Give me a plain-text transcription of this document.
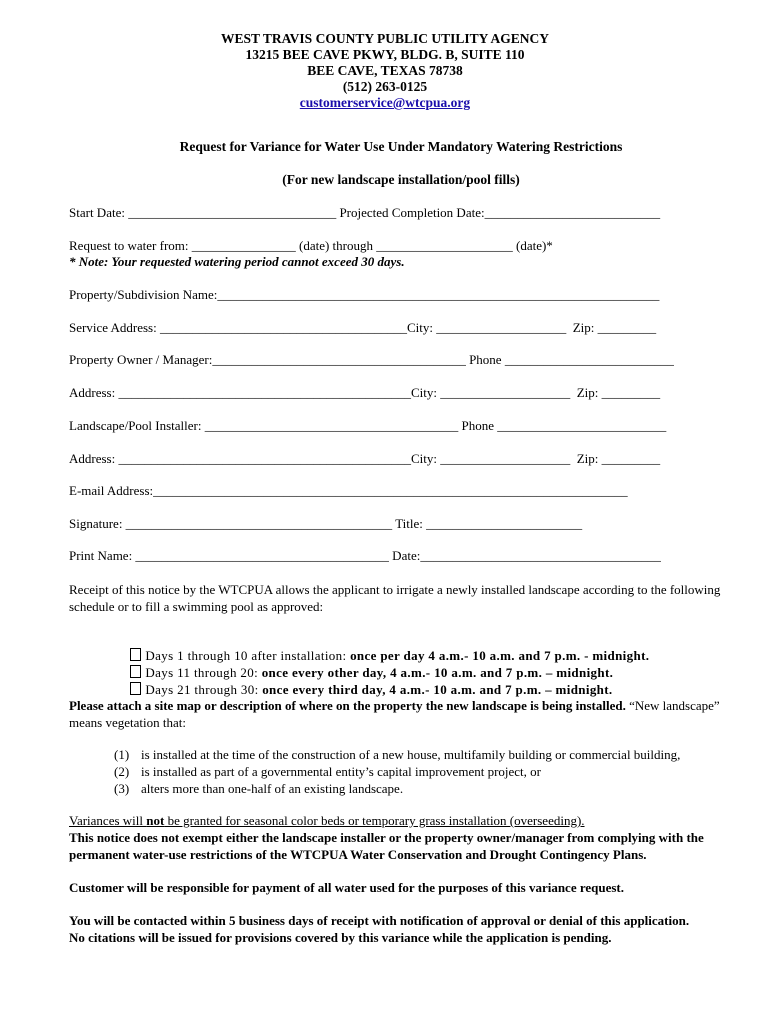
WEST TRAVIS COUNTY PUBLIC UTILITY AGENCY
13215 BEE CAVE PKWY, BLDG. B, SUITE 110
BEE CAVE, TEXAS 78738
(512) 263-0125
customerservice@wtcpua.org
Request for Variance for Water Use Under Mandatory Watering Restrictions
(For new landscape installation/pool fills)
Start Date: ________________________________ Projected Completion Date:___________________________
Request to water from: ________________ (date) through _____________________ (date)*
* Note: Your requested watering period cannot exceed 30 days.
Property/Subdivision Name:____________________________________________________________________
Service Address: ______________________________________City: ____________________  Zip: _________
Property Owner / Manager:_______________________________________ Phone __________________________
Address: _____________________________________________City: ____________________  Zip: _________
Landscape/Pool Installer: _______________________________________ Phone __________________________
Address: _____________________________________________City: ____________________  Zip: _________
E-mail Address:_________________________________________________________________________
Signature: _________________________________________ Title: ________________________
Print Name: _______________________________________ Date:_____________________________________
Receipt of this notice by the WTCPUA allows the applicant to irrigate a newly installed landscape according to the following schedule or to fill a swimming pool as approved:

Days 1 through 10 after installation: once per day 4 a.m.- 10 a.m. and 7 p.m. - midnight.

Days 11 through 20: once every other day, 4 a.m.- 10 a.m. and 7 p.m. – midnight.

Days 21 through 30: once every third day, 4 a.m.- 10 a.m. and 7 p.m. – midnight.

Please attach a site map or description of where on the property the new landscape is being installed. “New landscape” means vegetation that:
(1) is installed at the time of the construction of a new house, multifamily building or commercial building,
(2) is installed as part of a governmental entity’s capital improvement project, or
(3) alters more than one-half of an existing landscape.
Variances will not be granted for seasonal color beds or temporary grass installation (overseeding).
This notice does not exempt either the landscape installer or the property owner/manager from complying with the permanent water-use restrictions of the WTCPUA Water Conservation and Drought Contingency Plans.
Customer will be responsible for payment of all water used for the purposes of this variance request.
You will be contacted within 5 business days of receipt with notification of approval or denial of this application.
No citations will be issued for provisions covered by this variance while the application is pending.
